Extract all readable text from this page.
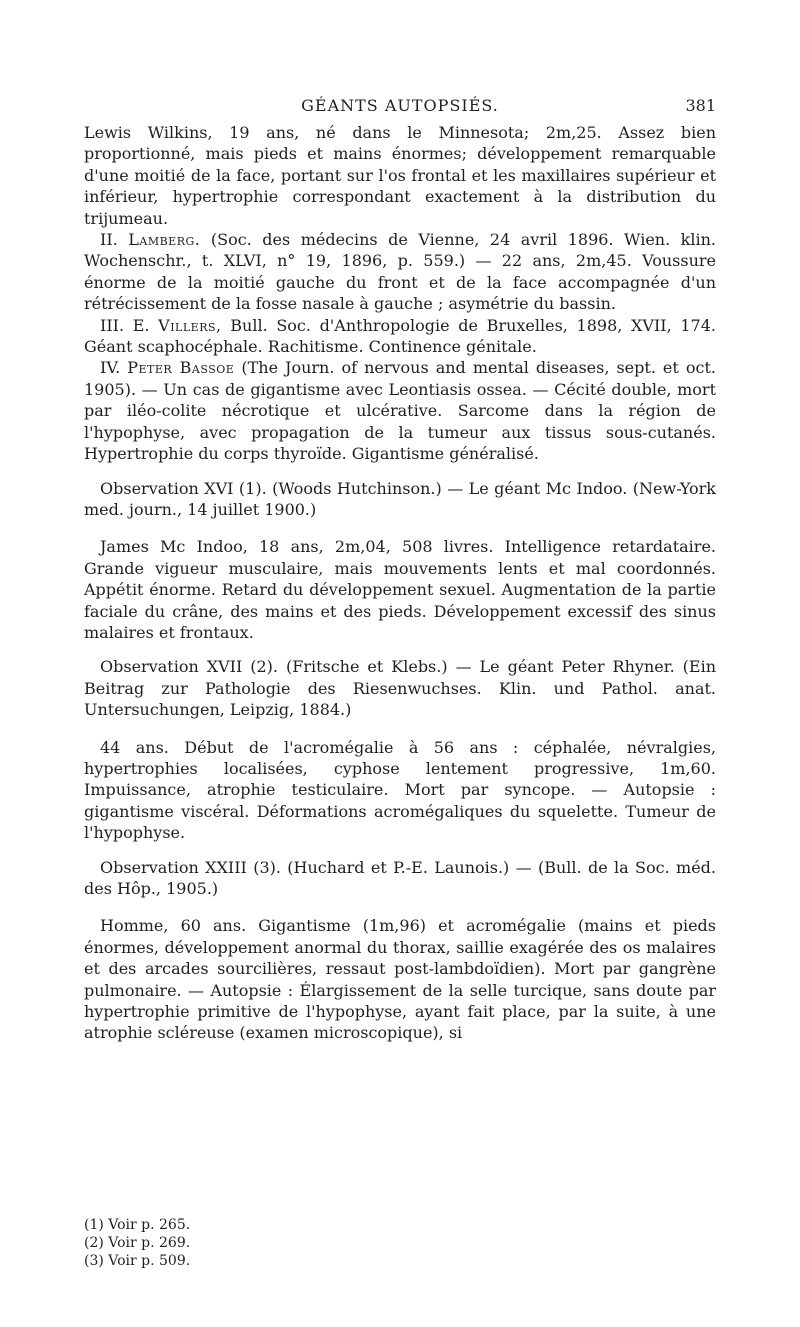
GÉANTS AUTOPSIÉS.	381

Lewis Wilkins, 19 ans, né dans le Minnesota; 2m,25. Assez bien proportionné, mais pieds et mains énormes; développement remarquable d'une moitié de la face, portant sur l'os frontal et les maxillaires supérieur et inférieur, hypertrophie correspondant exactement à la distribution du trijumeau.

II. Lamberg. (Soc. des médecins de Vienne, 24 avril 1896. Wien. klin. Wochenschr., t. XLVI, n° 19, 1896, p. 559.) — 22 ans, 2m,45. Voussure énorme de la moitié gauche du front et de la face accompagnée d'un rétrécissement de la fosse nasale à gauche ; asymétrie du bassin.

III. E. Villers, Bull. Soc. d'Anthropologie de Bruxelles, 1898, XVII, 174. Géant scaphocéphale. Rachitisme. Continence génitale.

IV. Peter Bassoe (The Journ. of nervous and mental diseases, sept. et oct. 1905). — Un cas de gigantisme avec Leontiasis ossea. — Cécité double, mort par iléo-colite nécrotique et ulcérative. Sarcome dans la région de l'hypophyse, avec propagation de la tumeur aux tissus sous-cutanés. Hypertrophie du corps thyroïde. Gigantisme généralisé.

Observation XVI (1). (Woods Hutchinson.) — Le géant Mc Indoo. (New-York med. journ., 14 juillet 1900.)

James Mc Indoo, 18 ans, 2m,04, 508 livres. Intelligence retardataire. Grande vigueur musculaire, mais mouvements lents et mal coordonnés. Appétit énorme. Retard du développement sexuel. Augmentation de la partie faciale du crâne, des mains et des pieds. Développement excessif des sinus malaires et frontaux.

Observation XVII (2). (Fritsche et Klebs.) — Le géant Peter Rhyner. (Ein Beitrag zur Pathologie des Riesenwuchses. Klin. und Pathol. anat. Untersuchungen, Leipzig, 1884.)

44 ans. Début de l'acromégalie à 56 ans : céphalée, névralgies, hypertrophies localisées, cyphose lentement progressive, 1m,60. Impuissance, atrophie testiculaire. Mort par syncope. — Autopsie : gigantisme viscéral. Déformations acromégaliques du squelette. Tumeur de l'hypophyse.

Observation XXIII (3). (Huchard et P.-E. Launois.) — (Bull. de la Soc. méd. des Hôp., 1905.)

Homme, 60 ans. Gigantisme (1m,96) et acromégalie (mains et pieds énormes, développement anormal du thorax, saillie exagérée des os malaires et des arcades sourcilières, ressaut post-lambdoïdien). Mort par gangrène pulmonaire. — Autopsie : Élargissement de la selle turcique, sans doute par hypertrophie primitive de l'hypophyse, ayant fait place, par la suite, à une atrophie scléreuse (examen microscopique), si

(1) Voir p. 265.
(2) Voir p. 269.
(3) Voir p. 509.
